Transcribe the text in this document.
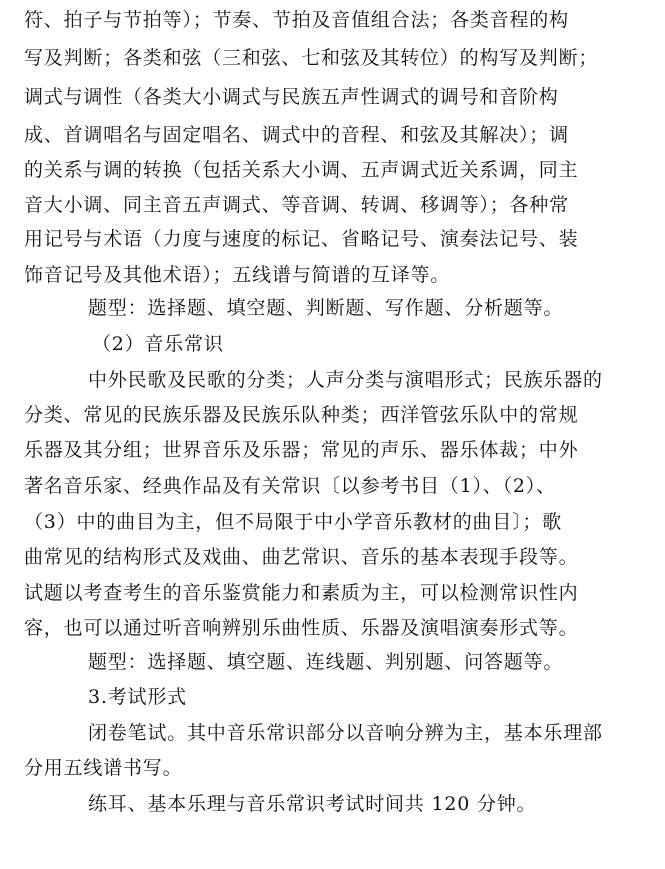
符、拍子与节拍等）；节奏、节拍及音值组合法；各类音程的构
写及判断；各类和弦（三和弦、七和弦及其转位）的构写及判断；
调式与调性（各类大小调式与民族五声性调式的调号和音阶构
成、首调唱名与固定唱名、调式中的音程、和弦及其解决）；调
的关系与调的转换（包括关系大小调、五声调式近关系调，同主
音大小调、同主音五声调式、等音调、转调、移调等）；各种常
用记号与术语（力度与速度的标记、省略记号、演奏法记号、装
饰音记号及其他术语）；五线谱与简谱的互译等。
题型：选择题、填空题、判断题、写作题、分析题等。
（2）音乐常识
中外民歌及民歌的分类；人声分类与演唱形式；民族乐器的
分类、常见的民族乐器及民族乐队种类；西洋管弦乐队中的常规
乐器及其分组；世界音乐及乐器；常见的声乐、器乐体裁；中外
著名音乐家、经典作品及有关常识〔以参考书目（1）、（2）、
（3）中的曲目为主，但不局限于中小学音乐教材的曲目〕；歌
曲常见的结构形式及戏曲、曲艺常识、音乐的基本表现手段等。
试题以考查考生的音乐鉴赏能力和素质为主，可以检测常识性内
容，也可以通过听音响辨别乐曲性质、乐器及演唱演奏形式等。
题型：选择题、填空题、连线题、判别题、问答题等。
3.考试形式
闭卷笔试。其中音乐常识部分以音响分辨为主，基本乐理部
分用五线谱书写。
练耳、基本乐理与音乐常识考试时间共 120 分钟。
